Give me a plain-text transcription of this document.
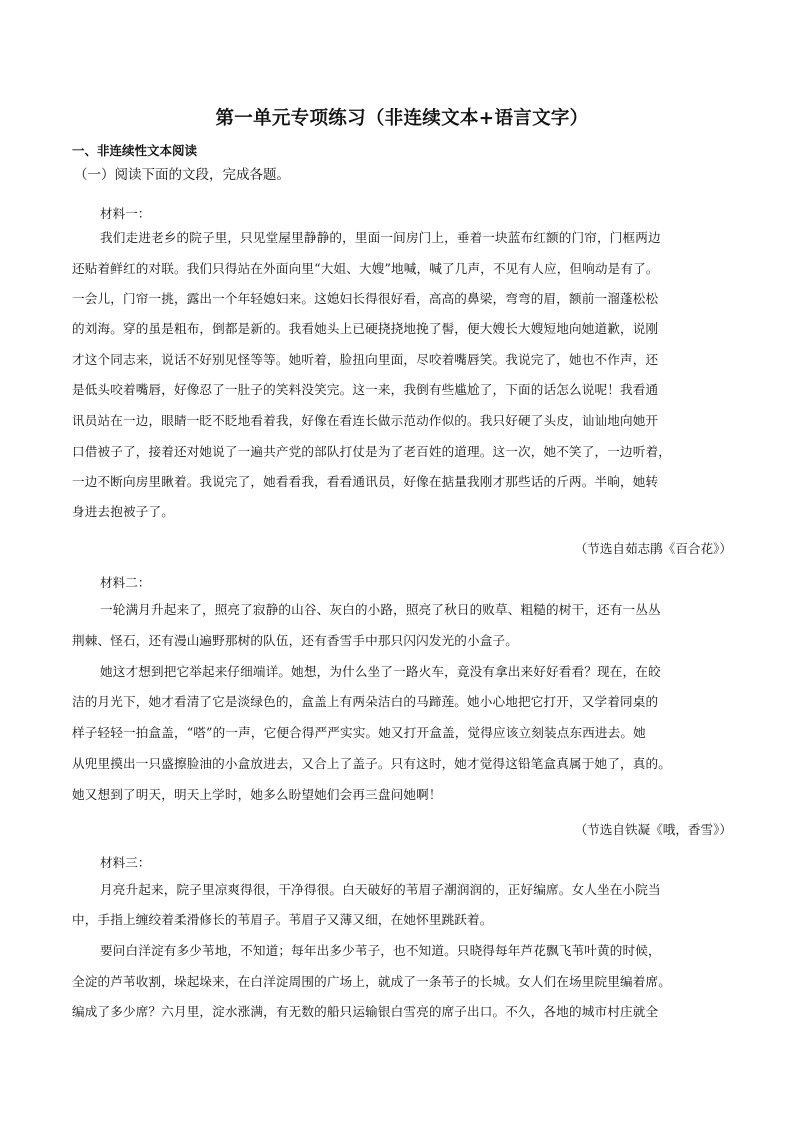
第一单元专项练习（非连续文本+语言文字）
一、非连续性文本阅读
（一）阅读下面的文段，完成各题。
材料一：
我们走进老乡的院子里，只见堂屋里静静的，里面一间房门上，垂着一块蓝布红额的门帘，门框两边
还贴着鲜红的对联。我们只得站在外面向里“大姐、大嫂”地喊，喊了几声，不见有人应，但响动是有了。
一会儿，门帘一挑，露出一个年轻媳妇来。这媳妇长得很好看，高高的鼻梁，弯弯的眉，额前一溜蓬松松
的刘海。穿的虽是粗布，倒都是新的。我看她头上已硬挠挠地挽了髻，便大嫂长大嫂短地向她道歉，说刚
才这个同志来，说话不好别见怪等等。她听着，脸扭向里面，尽咬着嘴唇笑。我说完了，她也不作声，还
是低头咬着嘴唇，好像忍了一肚子的笑料没笑完。这一来，我倒有些尴尬了，下面的话怎么说呢！我看通
讯员站在一边，眼睛一眨不眨地看着我，好像在看连长做示范动作似的。我只好硬了头皮，讪讪地向她开
口借被子了，接着还对她说了一遍共产党的部队打仗是为了老百姓的道理。这一次，她不笑了，一边听着，
一边不断向房里瞅着。我说完了，她看看我，看看通讯员，好像在掂量我刚才那些话的斤两。半晌，她转
身进去抱被子了。
（节选自茹志鹃《百合花》）
材料二：
一轮满月升起来了，照亮了寂静的山谷、灰白的小路，照亮了秋日的败草、粗糙的树干，还有一丛丛
荆棘、怪石，还有漫山遍野那树的队伍，还有香雪手中那只闪闪发光的小盒子。
她这才想到把它举起来仔细端详。她想，为什么坐了一路火车，竟没有拿出来好好看看？现在，在皎
洁的月光下，她才看清了它是淡绿色的，盒盖上有两朵洁白的马蹄莲。她小心地把它打开，又学着同桌的
样子轻轻一拍盒盖，“嗒”的一声，它便合得严严实实。她又打开盒盖，觉得应该立刻装点东西进去。她
从兜里摸出一只盛擦脸油的小盒放进去，又合上了盖子。只有这时，她才觉得这铅笔盒真属于她了，真的。
她又想到了明天，明天上学时，她多么盼望她们会再三盘问她啊！
（节选自铁凝《哦，香雪》）
材料三：
月亮升起来，院子里凉爽得很，干净得很。白天破好的苇眉子潮润润的，正好编席。女人坐在小院当
中，手指上缠绞着柔滑修长的苇眉子。苇眉子又薄又细，在她怀里跳跃着。
要问白洋淀有多少苇地，不知道；每年出多少苇子，也不知道。只晓得每年芦花飘飞苇叶黄的时候，
全淀的芦苇收割，垛起垛来，在白洋淀周围的广场上，就成了一条苇子的长城。女人们在场里院里编着席。
编成了多少席？六月里，淀水涨满，有无数的船只运输银白雪亮的席子出口。不久，各地的城市村庄就全
